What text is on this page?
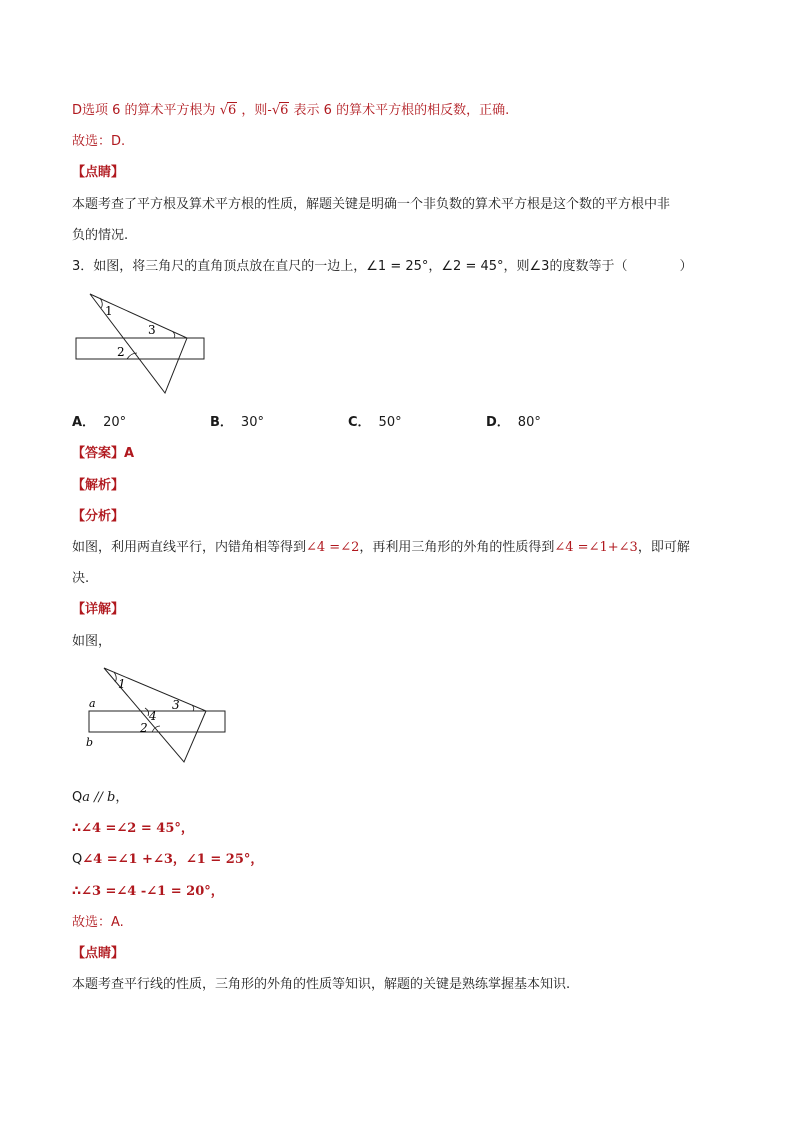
D选项 6 的算术平方根为 √6 ，则-√6 表示 6 的算术平方根的相反数，正确.
故选：D.
【点睛】
本题考查了平方根及算术平方根的性质，解题关键是明确一个非负数的算术平方根是这个数的平方根中非
负的情况.
3．如图，将三角尺的直角顶点放在直尺的一边上，∠1 = 25°，∠2 = 45°，则∠3的度数等于（　　　　）
1
3
2
A． 20°	B． 30°	C． 50°	D． 80°
【答案】A
【解析】
【分析】
如图，利用两直线平行，内错角相等得到∠4 =∠2，再利用三角形的外角的性质得到∠4 =∠1+∠3，即可解
决.
【详解】
如图，
1
3
4
2
a
b
Qa // b，
∴∠4 =∠2 = 45°，
Q∠4 =∠1 +∠3，∠1 = 25°，
∴∠3 =∠4 -∠1 = 20°，
故选：A.
【点睛】
本题考查平行线的性质，三角形的外角的性质等知识，解题的关键是熟练掌握基本知识.
